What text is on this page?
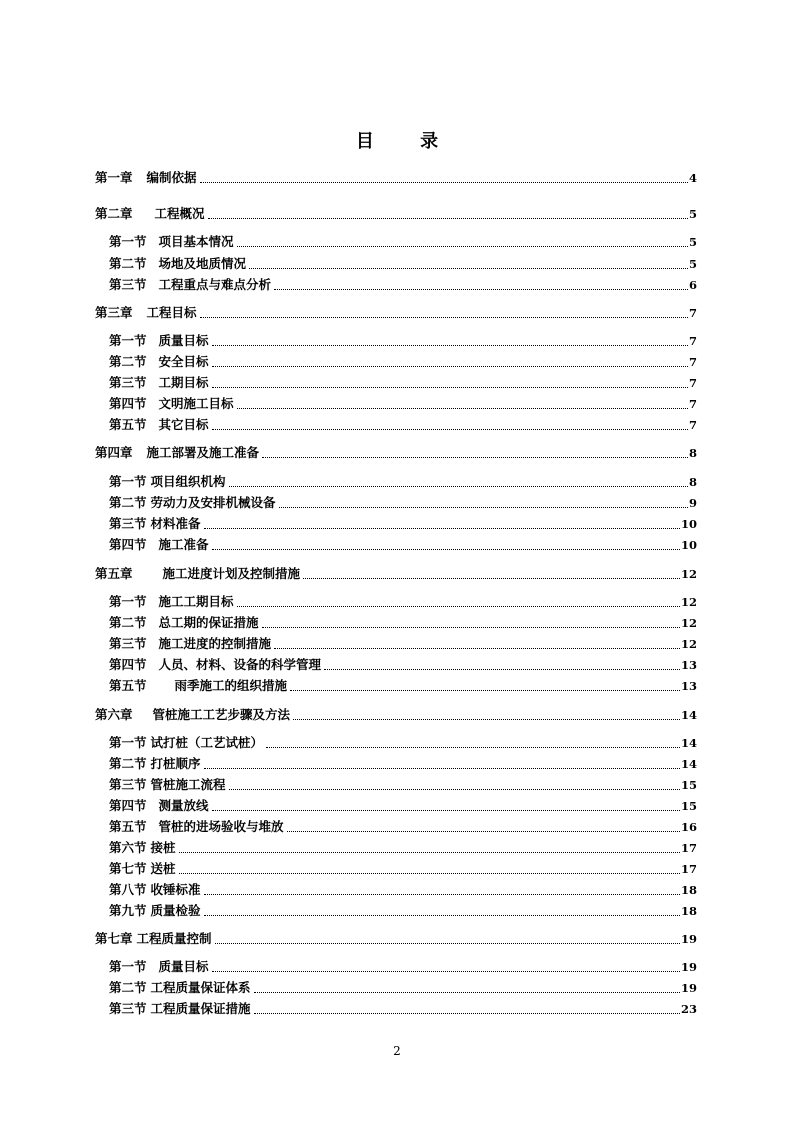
目 录
第一章 编制依据	4
第二章 工程概况	5
第一节 项目基本情况	5
第二节 场地及地质情况	5
第三节 工程重点与难点分析	6
第三章 工程目标	7
第一节 质量目标	7
第二节 安全目标	7
第三节 工期目标	7
第四节 文明施工目标	7
第五节 其它目标	7
第四章 施工部署及施工准备	8
第一节 项目组织机构	8
第二节 劳动力及安排机械设备	9
第三节 材料准备	10
第四节 施工准备	10
第五章 施工进度计划及控制措施	12
第一节 施工工期目标	12
第二节 总工期的保证措施	12
第三节 施工进度的控制措施	12
第四节 人员、材料、设备的科学管理	13
第五节 雨季施工的组织措施	13
第六章 管桩施工工艺步骤及方法	14
第一节 试打桩（工艺试桩）	14
第二节 打桩顺序	14
第三节 管桩施工流程	15
第四节 测量放线	15
第五节 管桩的进场验收与堆放	16
第六节 接桩	17
第七节 送桩	17
第八节 收锤标准	18
第九节 质量检验	18
第七章 工程质量控制	19
第一节 质量目标	19
第二节 工程质量保证体系	19
第三节 工程质量保证措施	23
2
